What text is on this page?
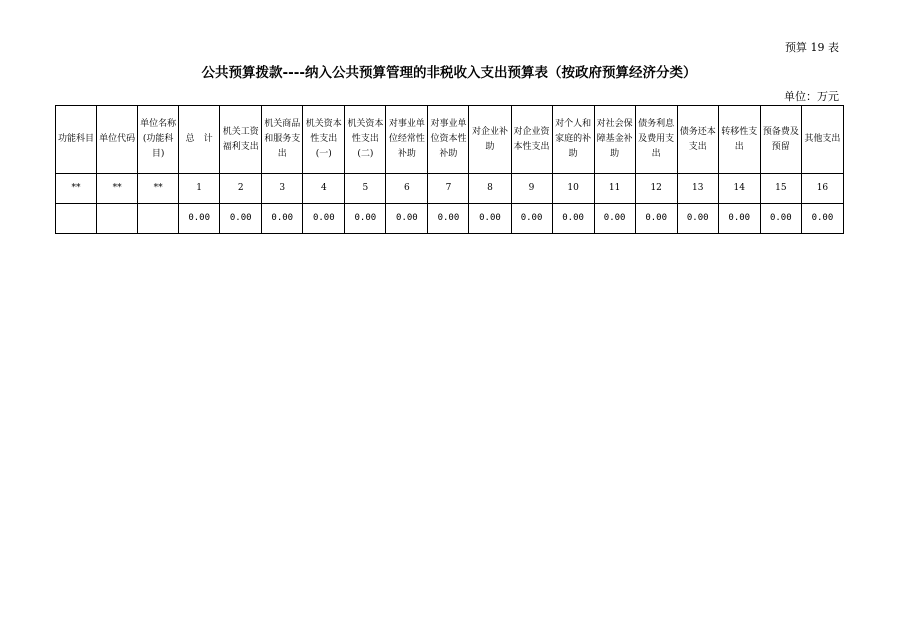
预算 19 表
公共预算拨款----纳入公共预算管理的非税收入支出预算表（按政府预算经济分类）
单位：万元
功能科目	单位代码	单位名称(功能科目)	总　计	机关工资福利支出	机关商品和服务支出	机关资本性支出(一)	机关资本性支出(二)	对事业单位经常性补助	对事业单位资本性补助	对企业补助	对企业资本性支出	对个人和家庭的补助	对社会保障基金补助	债务利息及费用支出	债务还本支出	转移性支出	预备费及预留	其他支出
**	**	**	1	2	3	4	5	6	7	8	9	10	11	12	13	14	15	16
			0.00	0.00	0.00	0.00	0.00	0.00	0.00	0.00	0.00	0.00	0.00	0.00	0.00	0.00	0.00	0.00
